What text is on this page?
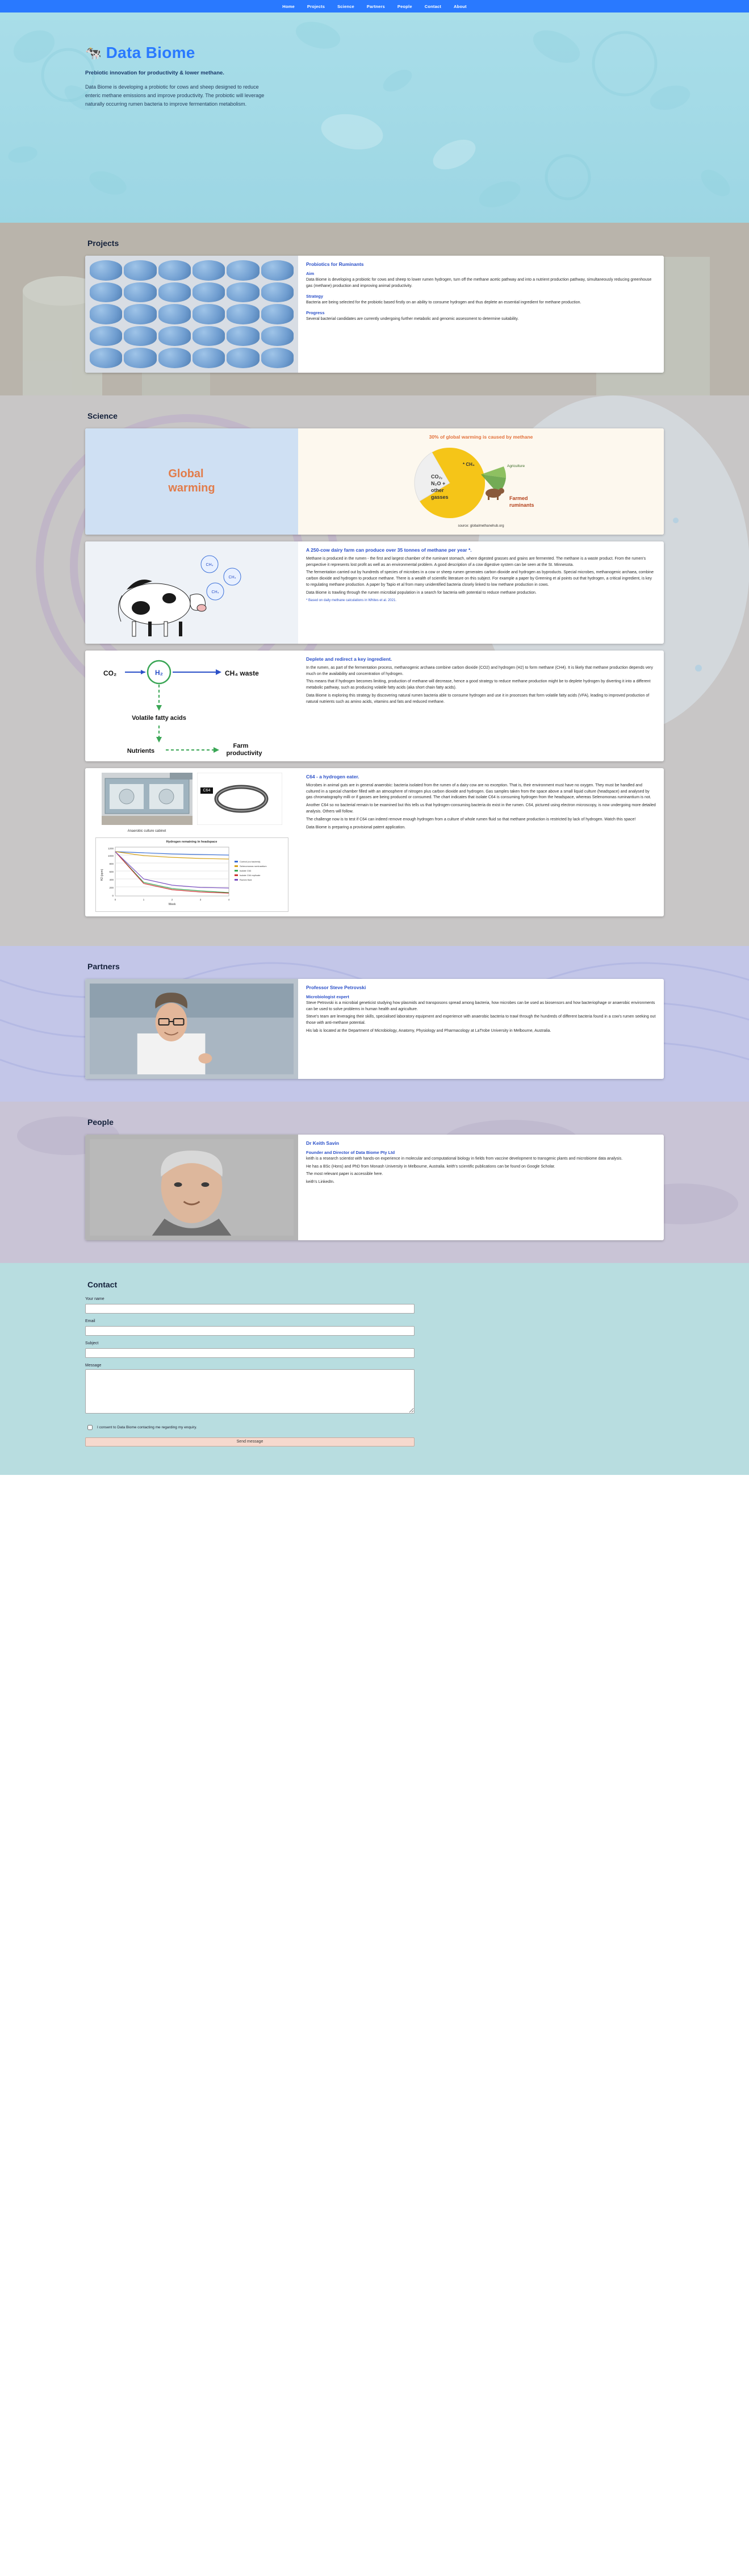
Home	Projects	Science	Partners	People	Contact	About
🐄 Data Biome
Prebiotic innovation for productivity & lower methane.
Data Biome is developing a probiotic for cows and sheep designed to reduce enteric methane emissions and improve productivity. The probiotic will leverage naturally occurring rumen bacteria to improve fermentation metabolism.
Projects
Probiotics for Ruminants
Aim

Data Biome is developing a probiotic for cows and sheep to lower rumen hydrogen, turn off the methane acetic pathway and into a nutrient production pathway, simultaneously reducing greenhouse gas (methane) production and improving animal productivity.

Strategy

Bacteria are being selected for the probiotic based firstly on an ability to consume hydrogen and thus deplete an essential ingredient for methane production.

Progress

Several bacterial candidates are currently undergoing further metabolic and genomic assessment to determine suitability.

Science
Global
warming
30% of global warming is caused by methane
CO₂,
N₂O +
other
gasses
* CH₄	Agriculture
Farmed
ruminants
source: globalmethanehub.org
CH₄
CH₄
CH₄
A 250-cow dairy farm can produce over 35 tonnes of methane per year *.

Methane is produced in the rumen - the first and largest chamber of the ruminant stomach, where digested grasses and grains are fermented. The methane is a waste product. From the rumen's perspective it represents lost profit as well as an environmental problem. A good description of a cow digestive system can be seen at the St. Minnesota.

The fermentation carried out by hundreds of species of microbes in a cow or sheep rumen generates carbon dioxide and hydrogen as byproducts. Special microbes, methanogenic archaea, combine carbon dioxide and hydrogen to produce methane. There is a wealth of scientific literature on this subject. For example a paper by Greening et al points out that hydrogen, a critical ingredient, is key to regulating methane production. A paper by Tapio et al from many unidentified bacteria closely linked to low methane production in cows.

Data Biome is trawling through the rumen microbial population in a search for bacteria with potential to reduce methane production.

* Based on daily methane calculations in Whites et al. 2021.

CO₂	CH₄ waste
H₂
Volatile fatty acids
Nutrients
Farm
productivity
Deplete and redirect a key ingredient.

In the rumen, as part of the fermentation process, methanogenic archaea combine carbon dioxide (CO2) and hydrogen (H2) to form methane (CH4). It is likely that methane production depends very much on the availability and concentration of hydrogen.

This means that if hydrogen becomes limiting, production of methane will decrease, hence a good strategy to reduce methane production might be to deplete hydrogen by diverting it into a different metabolic pathway, such as producing volatile fatty acids (aka short chain fatty acids).

Data Biome is exploring this strategy by discovering natural rumen bacteria able to consume hydrogen and use it in processes that form volatile fatty acids (VFA), leading to improved production of natural nutrients such as amino acids, vitamins and fats and reduced methane.

Anaerobic culture cabinet
C64
Hydrogen remaining in headspace
0
200
400
600
800
1000
1200
0	1	2	3	4
Week
H2 (ppm)
Control (no bacteria)
Selenomonas ruminantium
Isolate C64
Isolate C64 replicate
Rumen fluid
C64 - a hydrogen eater.

Microbes in animal guts are in general anaerobic: bacteria isolated from the rumen of a dairy cow are no exception. That is, their environment must have no oxygen. They must be handled and cultured in a special chamber filled with an atmosphere of nitrogen plus carbon dioxide and hydrogen. Gas samples taken from the space above a small liquid culture (headspace) and analysed by gas chromatography milli or if gasses are being produced or consumed. The chart indicates that isolate C64 is consuming hydrogen from the headspace, whereas Selenomonas ruminantium is not.

Another C64 so no bacterial remain to be examined but this tells us that hydrogen-consuming bacteria do exist in the rumen. C64, pictured using electron microscopy, is now undergoing more detailed analysis. Others will follow.

The challenge now is to test if C64 can indeed remove enough hydrogen from a culture of whole rumen fluid so that methane production is restricted by lack of hydrogen. Watch this space!

Data Biome is preparing a provisional patent application.

Partners
Professor Steve Petrovski
Microbiologist expert

Steve Petrovski is a microbial geneticist studying how plasmids and transposons spread among bacteria, how microbes can be used as biosensors and how bacteriophage or anaerobic environments can be used to solve problems in human health and agriculture.

Steve's team are leveraging their skills, specialised laboratory equipment and experience with anaerobic bacteria to trawl through the hundreds of different bacteria found in a cow's rumen seeking out those with anti-methane potential.

His lab is located at the Department of Microbiology, Anatomy, Physiology and Pharmacology at LaTrobe University in Melbourne, Australia.

People
Dr Keith Savin
Founder and Director of Data Biome Pty Ltd

keith is a research scientist with hands-on experience in molecular and computational biology in fields from vaccine development to transgenic plants and microbiome data analysis.

He has a BSc (Hons) and PhD from Monash University in Melbourne, Australia. keith's scientific publications can be found on Google Scholar.

The most relevant paper is accessible here.

keith's LinkedIn.

Contact
Your name
Email
Subject
Message
I consent to Data Biome contacting me regarding my enquiry.
Send message
